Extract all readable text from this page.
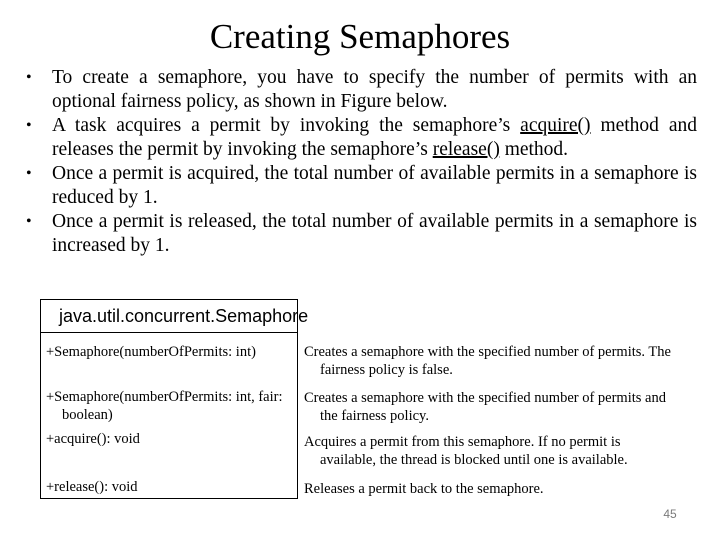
Creating Semaphores
• To create a semaphore, you have to specify the number of permits with an optional fairness policy, as shown in Figure below.
• A task acquires a permit by invoking the semaphore’s acquire() method and releases the permit by invoking the semaphore’s release() method.
• Once a permit is acquired, the total number of available permits in a semaphore is reduced by 1.
• Once a permit is released, the total number of available permits in a semaphore is increased by 1.
java.util.concurrent.Semaphore
+Semaphore(numberOfPermits: int)
+Semaphore(numberOfPermits: int, fair:
boolean)
+acquire(): void
+release(): void
Creates a semaphore with the specified number of permits. The
fairness policy is false.
Creates a semaphore with the specified number of permits and
the fairness policy.
Acquires a permit from this semaphore. If no permit is
available, the thread is blocked until one is available.
Releases a permit back to the semaphore.
45
